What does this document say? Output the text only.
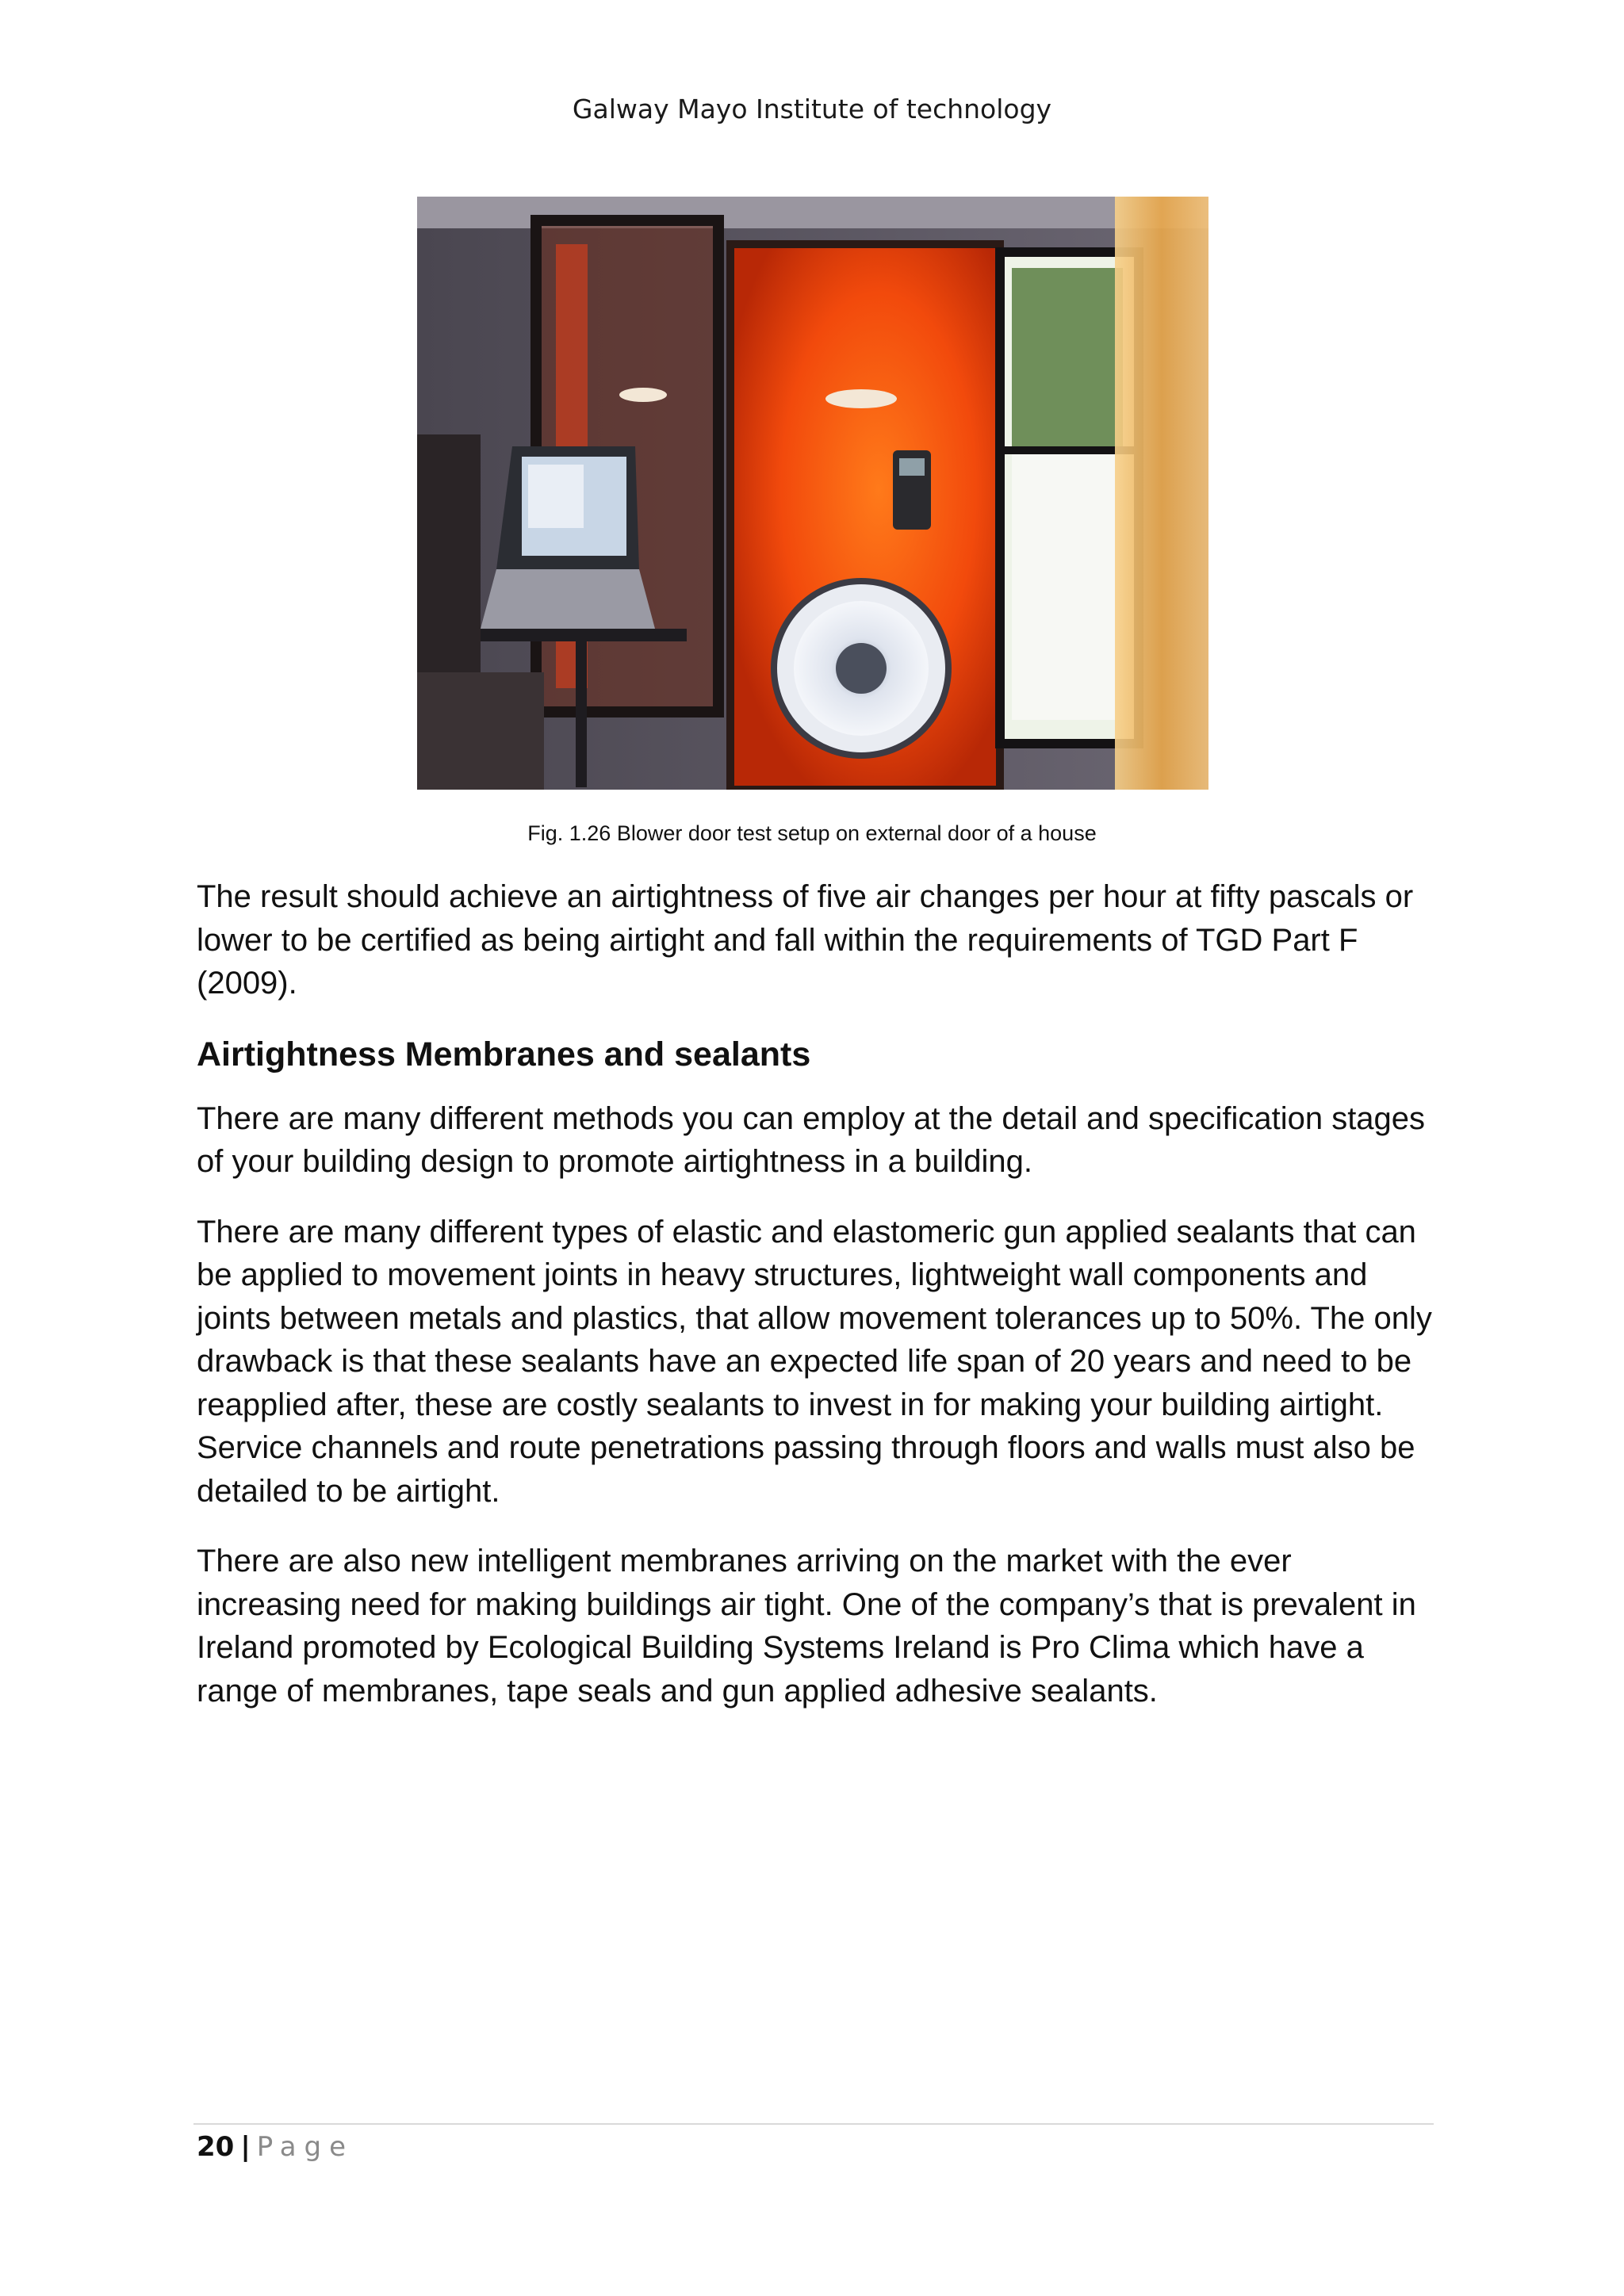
Galway Mayo Institute of technology
Fig. 1.26 Blower door test setup on external door of a house

The result should achieve an airtightness of five air changes per hour at fifty pascals or lower to be certified as being airtight and fall within the requirements of TGD Part F (2009).

Airtightness Membranes and sealants

There are many different methods you can employ at the detail and specification stages of your building design to promote airtightness in a building.

There are many different types of elastic and elastomeric gun applied sealants that can be applied to movement joints in heavy structures, lightweight wall components and joints between metals and plastics, that allow movement tolerances up to 50%. The only drawback is that these sealants have an expected life span of 20 years and need to be reapplied after, these are costly sealants to invest in for making your building airtight. Service channels and route penetrations passing through floors and walls must also be detailed to be airtight.

There are also new intelligent membranes arriving on the market with the ever increasing need for making buildings air tight. One of the company’s that is prevalent in Ireland promoted by Ecological Building Systems Ireland is Pro Clima which have a range of membranes, tape seals and gun applied adhesive sealants.

20 | Page
